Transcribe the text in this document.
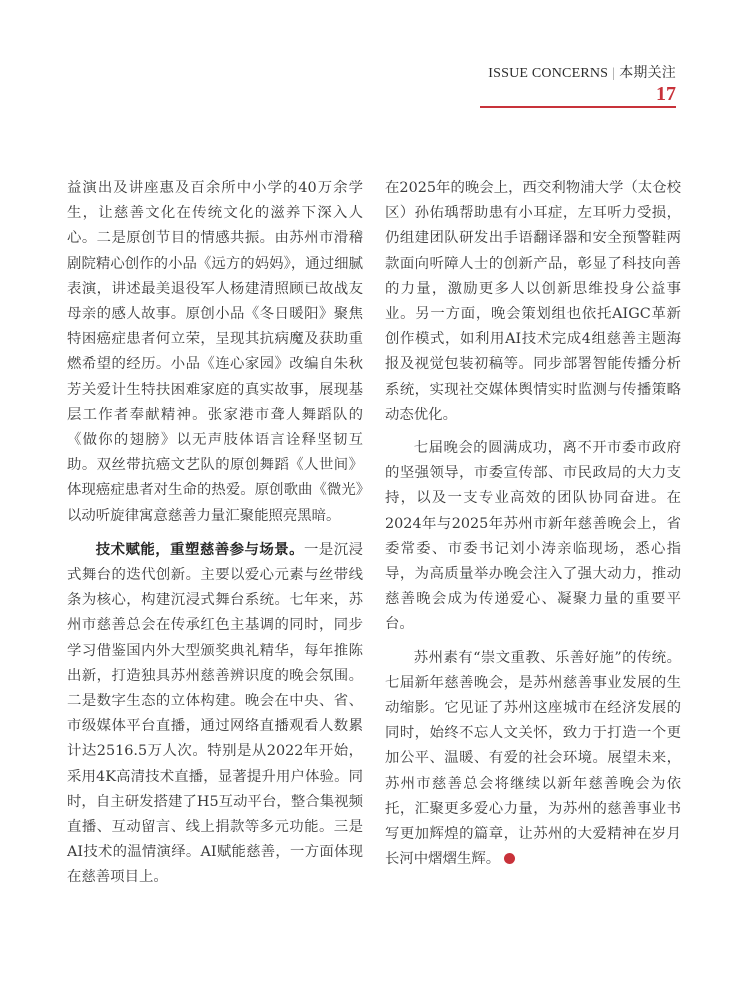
ISSUE CONCERNS | 本期关注
17

益演出及讲座惠及百余所中小学的40万余学生，让慈善文化在传统文化的滋养下深入人心。二是原创节目的情感共振。由苏州市滑稽剧院精心创作的小品《远方的妈妈》，通过细腻表演，讲述最美退役军人杨建清照顾已故战友母亲的感人故事。原创小品《冬日暖阳》聚焦特困癌症患者何立荣，呈现其抗病魔及获助重燃希望的经历。小品《连心家园》改编自朱秋芳关爱计生特扶困难家庭的真实故事，展现基层工作者奉献精神。张家港市聋人舞蹈队的《做你的翅膀》以无声肢体语言诠释坚韧互助。双丝带抗癌文艺队的原创舞蹈《人世间》体现癌症患者对生命的热爱。原创歌曲《微光》以动听旋律寓意慈善力量汇聚能照亮黑暗。

技术赋能，重塑慈善参与场景。一是沉浸式舞台的迭代创新。主要以爱心元素与丝带线条为核心，构建沉浸式舞台系统。七年来，苏州市慈善总会在传承红色主基调的同时，同步学习借鉴国内外大型颁奖典礼精华，每年推陈出新，打造独具苏州慈善辨识度的晚会氛围。二是数字生态的立体构建。晚会在中央、省、市级媒体平台直播，通过网络直播观看人数累计达2516.5万人次。特别是从2022年开始，采用4K高清技术直播，显著提升用户体验。同时，自主研发搭建了H5互动平台，整合集视频直播、互动留言、线上捐款等多元功能。三是AI技术的温情演绎。AI赋能慈善，一方面体现在慈善项目上。

在2025年的晚会上，西交利物浦大学（太仓校区）孙佑瑀帮助患有小耳症，左耳听力受损，仍组建团队研发出手语翻译器和安全预警鞋两款面向听障人士的创新产品，彰显了科技向善的力量，激励更多人以创新思维投身公益事业。另一方面，晚会策划组也依托AIGC革新创作模式，如利用AI技术完成4组慈善主题海报及视觉包装初稿等。同步部署智能传播分析系统，实现社交媒体舆情实时监测与传播策略动态优化。

七届晚会的圆满成功，离不开市委市政府的坚强领导，市委宣传部、市民政局的大力支持，以及一支专业高效的团队协同奋进。在2024年与2025年苏州市新年慈善晚会上，省委常委、市委书记刘小涛亲临现场，悉心指导，为高质量举办晚会注入了强大动力，推动慈善晚会成为传递爱心、凝聚力量的重要平台。

苏州素有“崇文重教、乐善好施”的传统。七届新年慈善晚会，是苏州慈善事业发展的生动缩影。它见证了苏州这座城市在经济发展的同时，始终不忘人文关怀，致力于打造一个更加公平、温暖、有爱的社会环境。展望未来，苏州市慈善总会将继续以新年慈善晚会为依托，汇聚更多爱心力量，为苏州的慈善事业书写更加辉煌的篇章，让苏州的大爱精神在岁月长河中熠熠生辉。	善
